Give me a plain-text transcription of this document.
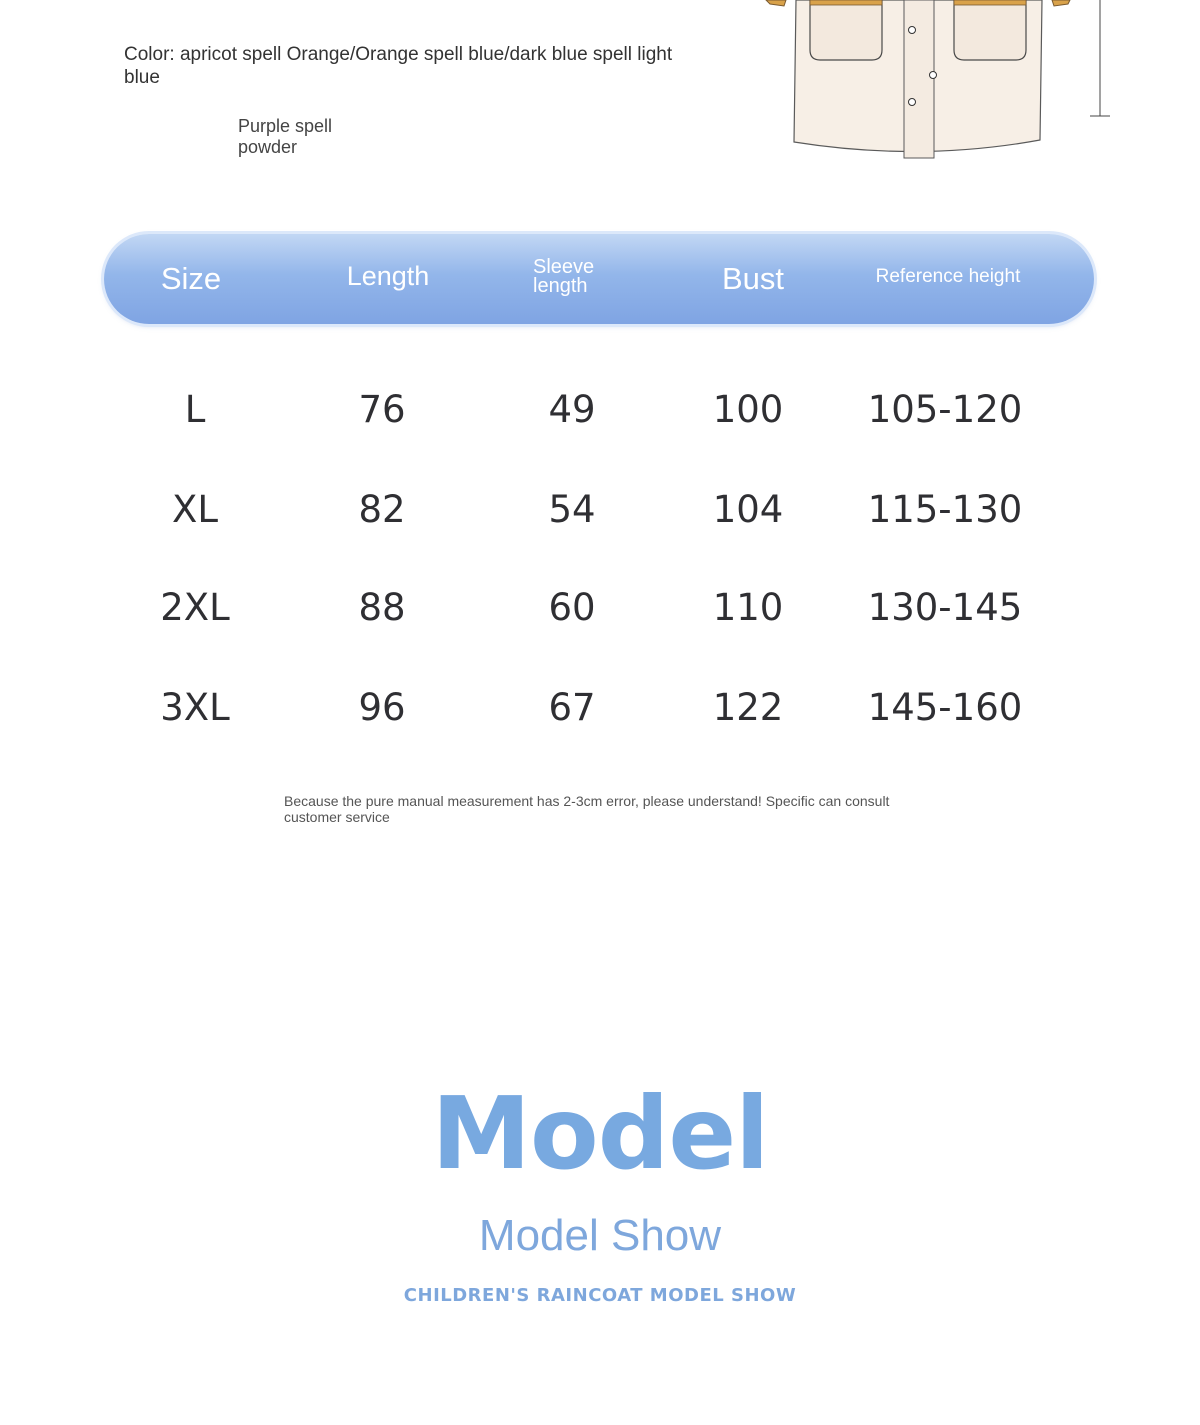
Color: apricot spell Orange/Orange spell blue/dark blue spell light blue
Purple spell powder
Size	Length	Sleeve length	Bust	Reference height
L	76	49	100	105-120
XL	82	54	104	115-130
2XL	88	60	110	130-145
3XL	96	67	122	145-160
Because the pure manual measurement has 2-3cm error, please understand! Specific can consult customer service
Model
Model Show
CHILDREN'S RAINCOAT MODEL SHOW
